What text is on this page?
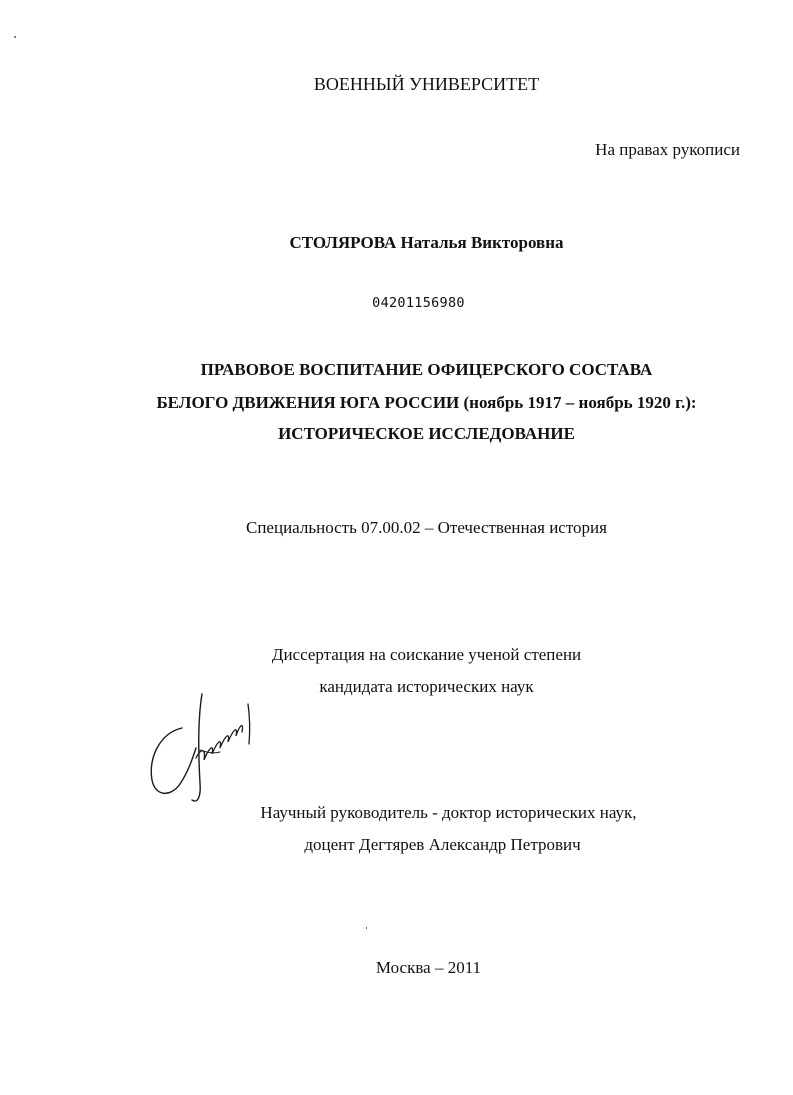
ВОЕННЫЙ УНИВЕРСИТЕТ

На правах рукописи

СТОЛЯРОВА Наталья Викторовна

04201156980

ПРАВОВОЕ ВОСПИТАНИЕ ОФИЦЕРСКОГО СОСТАВА

БЕЛОГО ДВИЖЕНИЯ ЮГА РОССИИ (ноябрь 1917 – ноябрь 1920 г.):

ИСТОРИЧЕСКОЕ ИССЛЕДОВАНИЕ

Специальность 07.00.02 – Отечественная история

Диссертация на соискание ученой степени

кандидата исторических наук

Научный руководитель - доктор исторических наук,

доцент Дегтярев Александр Петрович

Москва – 2011
